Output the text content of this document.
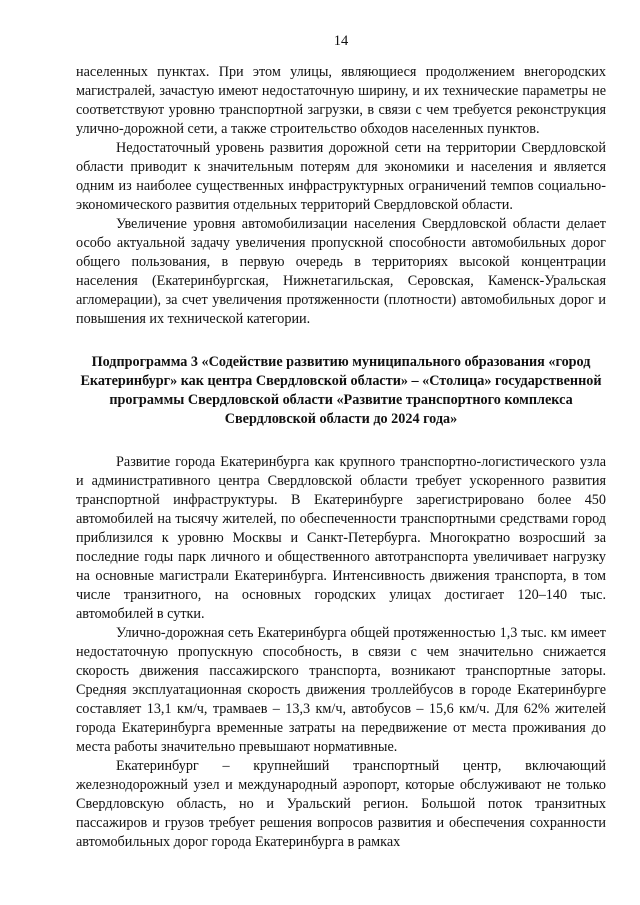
14

населенных пунктах. При этом улицы, являющиеся продолжением внегородских магистралей, зачастую имеют недостаточную ширину, и их технические параметры не соответствуют уровню транспортной загрузки, в связи с чем требуется реконструкция улично-дорожной сети, а также строительство обходов населенных пунктов.

Недостаточный уровень развития дорожной сети на территории Свердловской области приводит к значительным потерям для экономики и населения и является одним из наиболее существенных инфраструктурных ограничений темпов социально-экономического развития отдельных территорий Свердловской области.

Увеличение уровня автомобилизации населения Свердловской области делает особо актуальной задачу увеличения пропускной способности автомобильных дорог общего пользования, в первую очередь в территориях высокой концентрации населения (Екатеринбургская, Нижнетагильская, Серовская, Каменск-Уральская агломерации), за счет увеличения протяженности (плотности) автомобильных дорог и повышения их технической категории.

Подпрограмма 3 «Содействие развитию муниципального образования «город Екатеринбург» как центра Свердловской области» – «Столица» государственной программы Свердловской области «Развитие транспортного комплекса Свердловской области до 2024 года»

Развитие города Екатеринбурга как крупного транспортно-логистического узла и административного центра Свердловской области требует ускоренного развития транспортной инфраструктуры. В Екатеринбурге зарегистрировано более 450 автомобилей на тысячу жителей, по обеспеченности транспортными средствами город приблизился к уровню Москвы и Санкт-Петербурга. Многократно возросший за последние годы парк личного и общественного автотранспорта увеличивает нагрузку на основные магистрали Екатеринбурга. Интенсивность движения транспорта, в том числе транзитного, на основных городских улицах достигает 120–140 тыс. автомобилей в сутки.

Улично-дорожная сеть Екатеринбурга общей протяженностью 1,3 тыс. км имеет недостаточную пропускную способность, в связи с чем значительно снижается скорость движения пассажирского транспорта, возникают транспортные заторы. Средняя эксплуатационная скорость движения троллейбусов в городе Екатеринбурге составляет 13,1 км/ч, трамваев – 13,3 км/ч, автобусов – 15,6 км/ч. Для 62% жителей города Екатеринбурга временные затраты на передвижение от места проживания до места работы значительно превышают нормативные.

Екатеринбург – крупнейший транспортный центр, включающий железнодорожный узел и международный аэропорт, которые обслуживают не только Свердловскую область, но и Уральский регион. Большой поток транзитных пассажиров и грузов требует решения вопросов развития и обеспечения сохранности автомобильных дорог города Екатеринбурга в рамках
